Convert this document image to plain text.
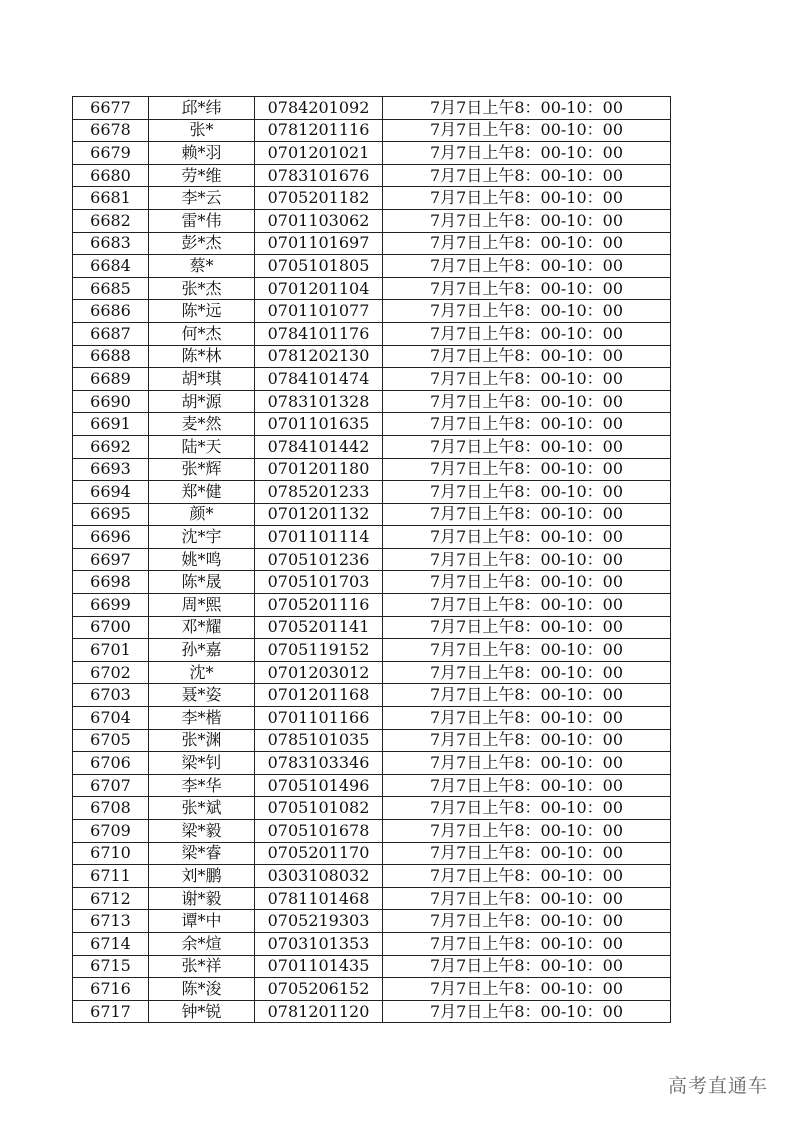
6677	邱*纬	0784201092	7月7日上午8：00-10：00
6678	张*	0781201116	7月7日上午8：00-10：00
6679	赖*羽	0701201021	7月7日上午8：00-10：00
6680	劳*维	0783101676	7月7日上午8：00-10：00
6681	李*云	0705201182	7月7日上午8：00-10：00
6682	雷*伟	0701103062	7月7日上午8：00-10：00
6683	彭*杰	0701101697	7月7日上午8：00-10：00
6684	蔡*	0705101805	7月7日上午8：00-10：00
6685	张*杰	0701201104	7月7日上午8：00-10：00
6686	陈*远	0701101077	7月7日上午8：00-10：00
6687	何*杰	0784101176	7月7日上午8：00-10：00
6688	陈*林	0781202130	7月7日上午8：00-10：00
6689	胡*琪	0784101474	7月7日上午8：00-10：00
6690	胡*源	0783101328	7月7日上午8：00-10：00
6691	麦*然	0701101635	7月7日上午8：00-10：00
6692	陆*天	0784101442	7月7日上午8：00-10：00
6693	张*辉	0701201180	7月7日上午8：00-10：00
6694	郑*健	0785201233	7月7日上午8：00-10：00
6695	颜*	0701201132	7月7日上午8：00-10：00
6696	沈*宇	0701101114	7月7日上午8：00-10：00
6697	姚*鸣	0705101236	7月7日上午8：00-10：00
6698	陈*晟	0705101703	7月7日上午8：00-10：00
6699	周*熙	0705201116	7月7日上午8：00-10：00
6700	邓*耀	0705201141	7月7日上午8：00-10：00
6701	孙*嘉	0705119152	7月7日上午8：00-10：00
6702	沈*	0701203012	7月7日上午8：00-10：00
6703	聂*姿	0701201168	7月7日上午8：00-10：00
6704	李*楷	0701101166	7月7日上午8：00-10：00
6705	张*渊	0785101035	7月7日上午8：00-10：00
6706	梁*钊	0783103346	7月7日上午8：00-10：00
6707	李*华	0705101496	7月7日上午8：00-10：00
6708	张*斌	0705101082	7月7日上午8：00-10：00
6709	梁*毅	0705101678	7月7日上午8：00-10：00
6710	梁*睿	0705201170	7月7日上午8：00-10：00
6711	刘*鹏	0303108032	7月7日上午8：00-10：00
6712	谢*毅	0781101468	7月7日上午8：00-10：00
6713	谭*中	0705219303	7月7日上午8：00-10：00
6714	余*煊	0703101353	7月7日上午8：00-10：00
6715	张*祥	0701101435	7月7日上午8：00-10：00
6716	陈*浚	0705206152	7月7日上午8：00-10：00
6717	钟*锐	0781201120	7月7日上午8：00-10：00
高考直通车
